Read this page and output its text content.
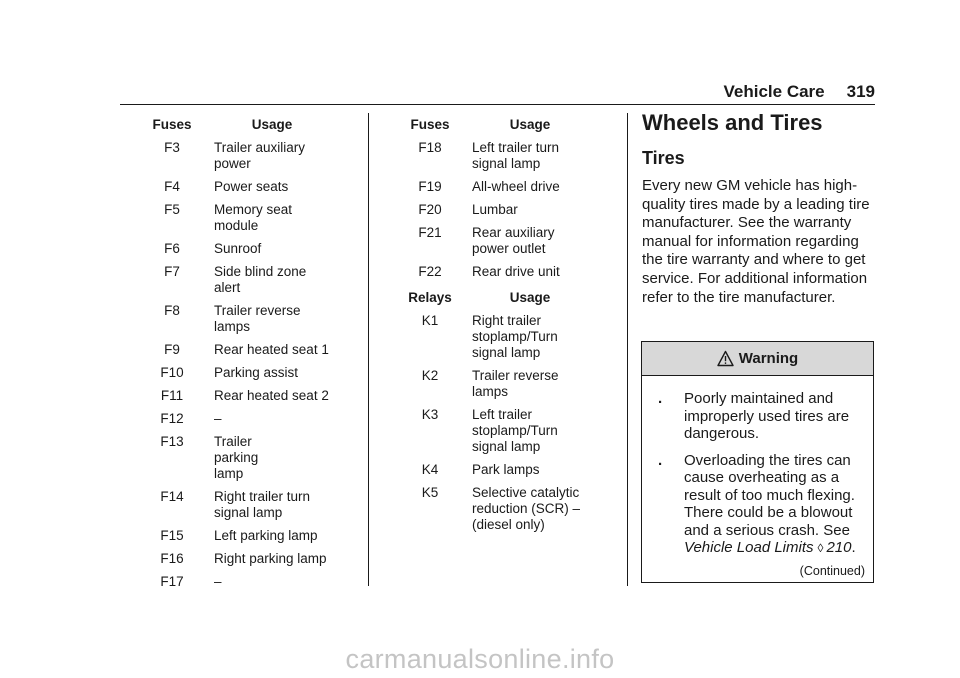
Vehicle Care 319
Fuses	Usage
F3	Trailer auxiliary power
F4	Power seats
F5	Memory seat module
F6	Sunroof
F7	Side blind zone alert
F8	Trailer reverse lamps
F9	Rear heated seat 1
F10	Parking assist
F11	Rear heated seat 2
F12	–
F13	Trailer parking lamp
F14	Right trailer turn signal lamp
F15	Left parking lamp
F16	Right parking lamp
F17	–
Fuses	Usage
F18	Left trailer turn signal lamp
F19	All-wheel drive
F20	Lumbar
F21	Rear auxiliary power outlet
F22	Rear drive unit
Relays	Usage
K1	Right trailer stoplamp/Turn signal lamp
K2	Trailer reverse lamps
K3	Left trailer stoplamp/Turn signal lamp
K4	Park lamps
K5	Selective catalytic reduction (SCR) – (diesel only)
Wheels and Tires
Tires

Every new GM vehicle has high-quality tires made by a leading tire manufacturer. See the warranty manual for information regarding the tire warranty and where to get service. For additional information refer to the tire manufacturer.

Warning
.	Poorly maintained and improperly used tires are dangerous.
.	Overloading the tires can cause overheating as a result of too much flexing. There could be a blowout and a serious crash. See Vehicle Load Limits ◊ 210.
(Continued)
carmanualsonline.info
